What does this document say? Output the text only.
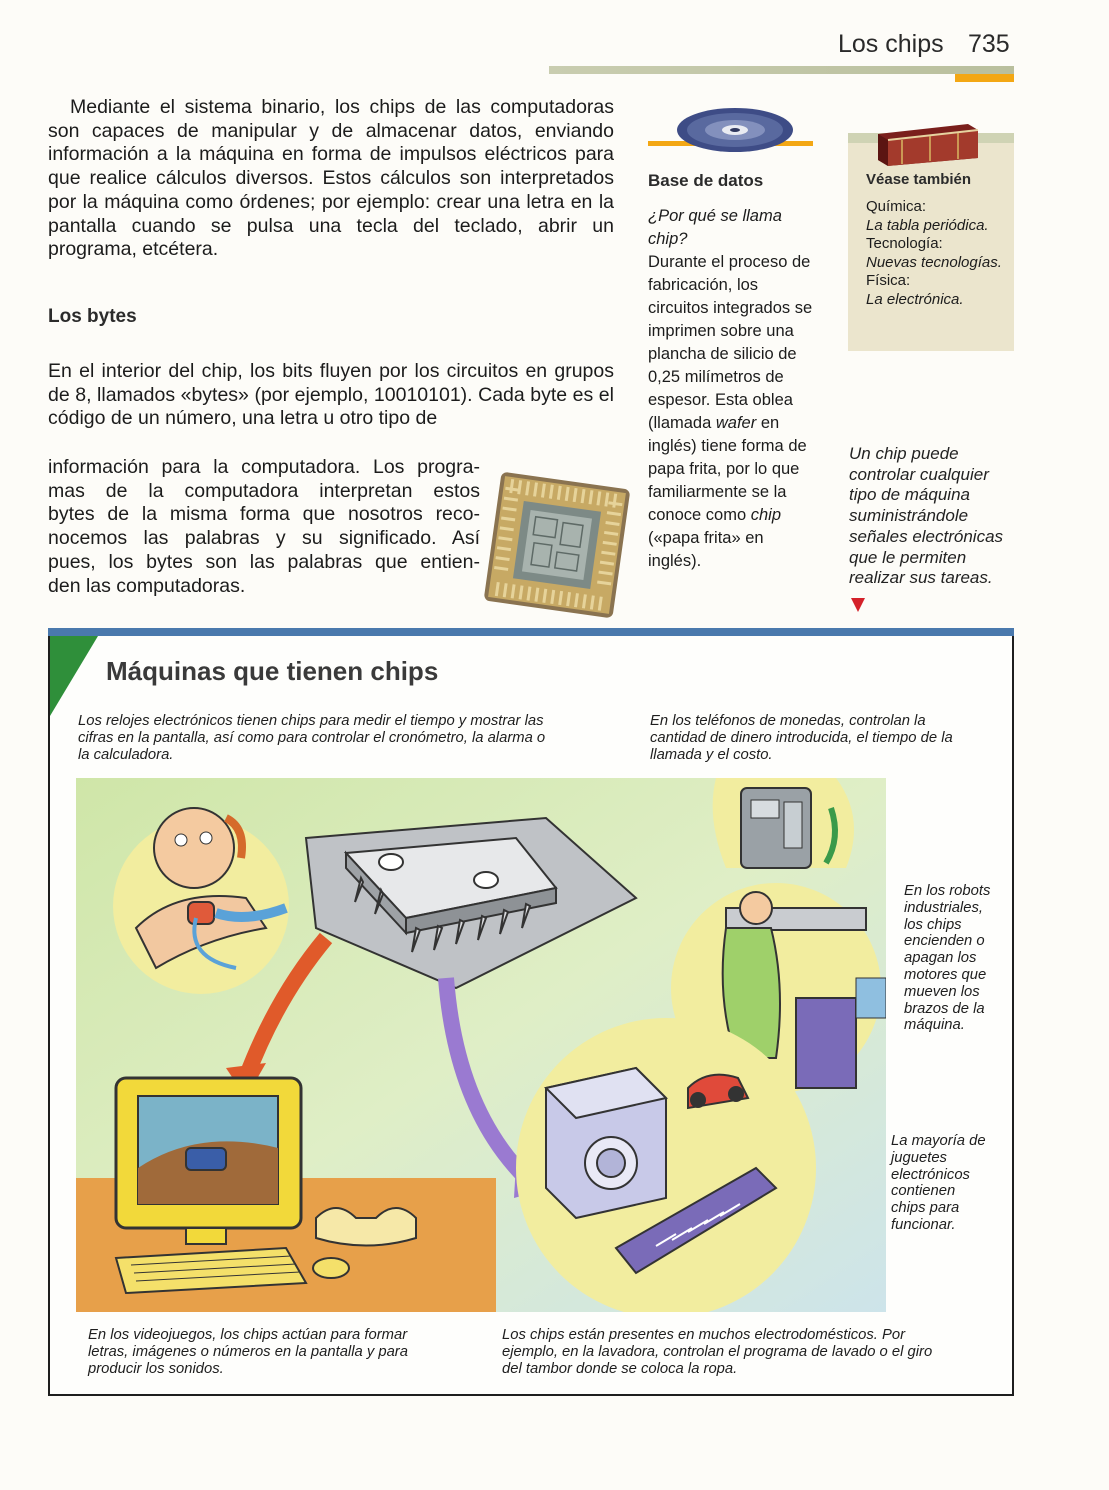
Los chips 735

Mediante el sistema binario, los chips de las computadoras son capaces de manipular y de almacenar datos, enviando información a la máquina en forma de impulsos eléctricos para que realice cálculos diversos. Estos cálculos son interpretados por la máquina como órdenes; por ejemplo: crear una letra en la pantalla cuando se pulsa una tecla del teclado, abrir un programa, etcétera.

Los bytes

En el interior del chip, los bits fluyen por los circuitos en grupos de 8, llamados «bytes» (por ejemplo, 10010101). Cada byte es el código de un número, una letra u otro tipo de

información para la computadora. Los progra-
mas de la computadora interpretan estos
bytes de la misma forma que nosotros reco-
nocemos las palabras y su significado. Así
pues, los bytes son las palabras que entien-
den las computadoras.

Base de datos
¿Por qué se llama chip?
Durante el proceso de fabricación, los circuitos integrados se imprimen sobre una plancha de silicio de 0,25 milímetros de espesor. Esta oblea (llamada wafer en inglés) tiene forma de papa frita, por lo que familiarmente se la conoce como chip («papa frita» en inglés).
Véase también
Química:
La tabla periódica.
Tecnología:
Nuevas tecnologías.
Física:
La electrónica.

Un chip puede controlar cualquier tipo de máquina suministrándole señales electrónicas que le permiten realizar sus tareas.

Máquinas que tienen chips

Los relojes electrónicos tienen chips para medir el tiempo y mostrar las cifras en la pantalla, así como para controlar el cronómetro, la alarma o la calculadora.

En los teléfonos de monedas, controlan la cantidad de dinero introducida, el tiempo de la llamada y el costo.

En los robots industriales, los chips encienden o apagan los motores que mueven los brazos de la máquina.

La mayoría de juguetes electrónicos contienen chips para funcionar.

En los videojuegos, los chips actúan para formar letras, imágenes o números en la pantalla y para producir los sonidos.

Los chips están presentes en muchos electrodomésticos. Por ejemplo, en la lavadora, controlan el programa de lavado o el giro del tambor donde se coloca la ropa.
